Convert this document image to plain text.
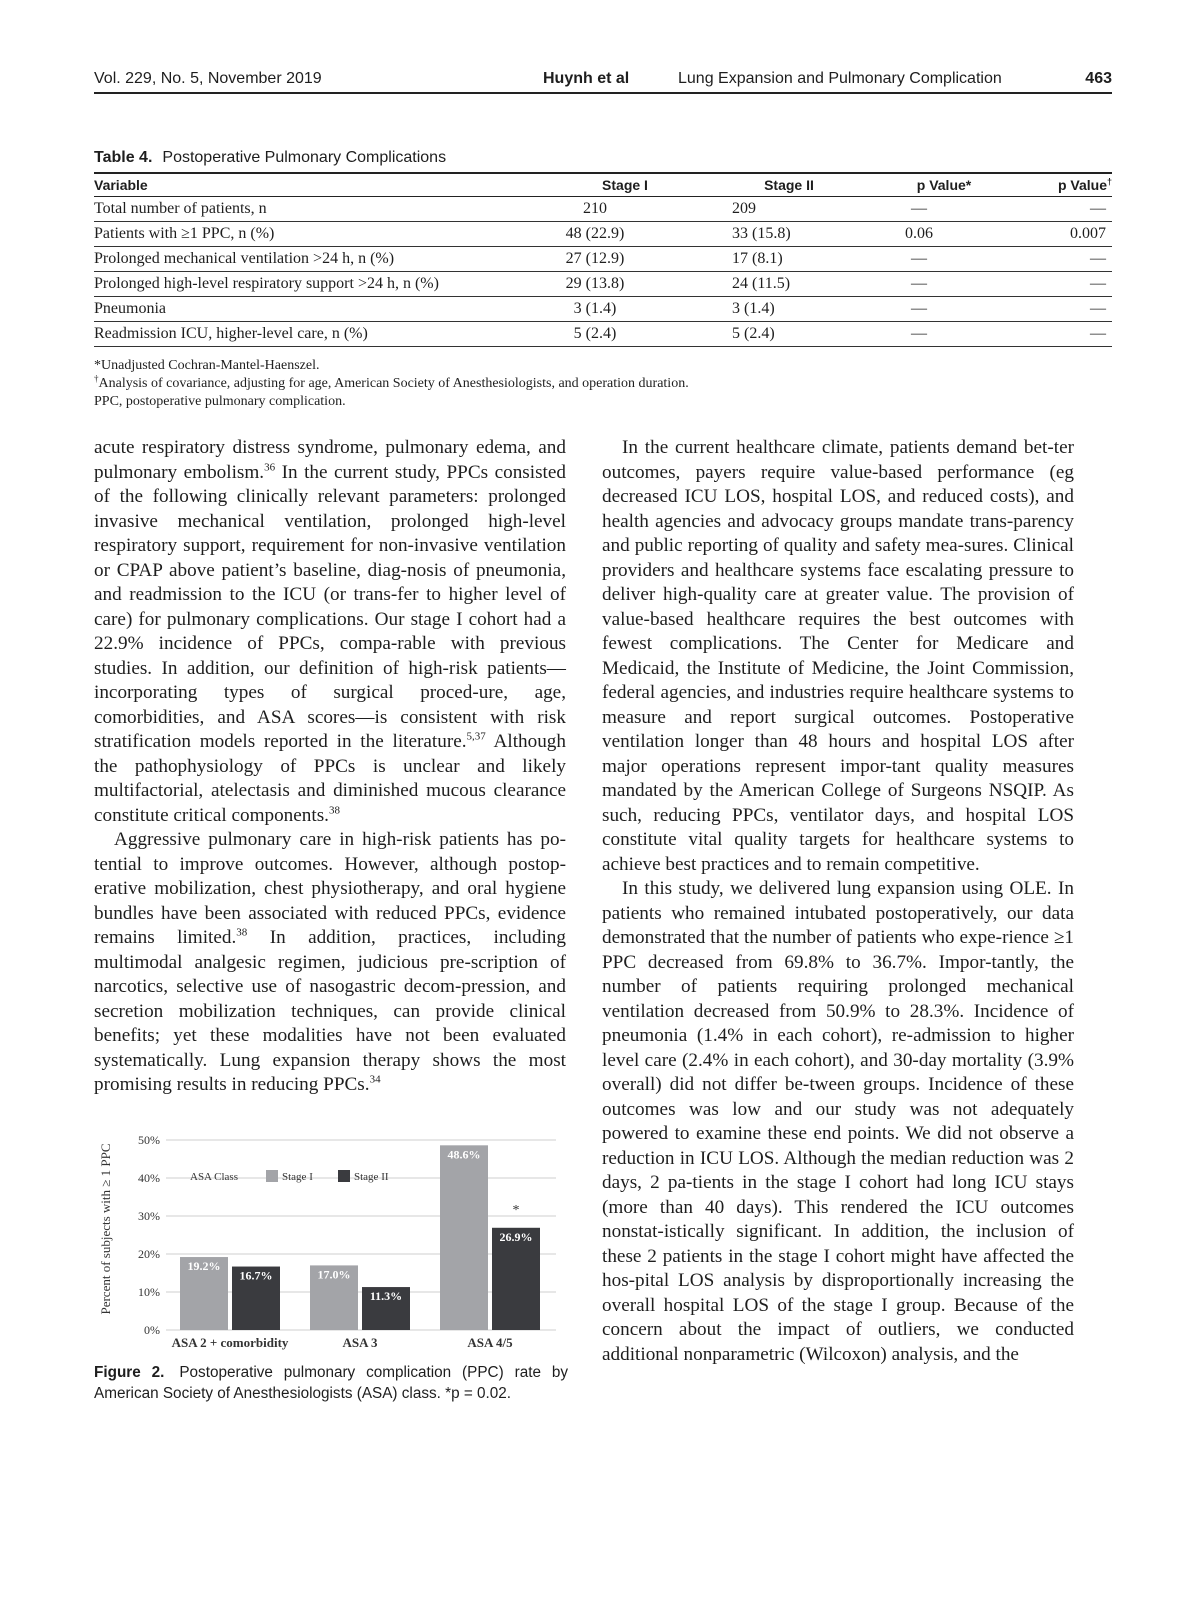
Vol. 229, No. 5, November 2019	Huynh et al	Lung Expansion and Pulmonary Complication	463
Table 4. Postoperative Pulmonary Complications
Variable	Stage I	Stage II	p Value*	p Value†
Total number of patients, n	210	209	—	—
Patients with ≥1 PPC, n (%)	48 (22.9)	33 (15.8)	0.06	0.007
Prolonged mechanical ventilation >24 h, n (%)	27 (12.9)	17 (8.1)	—	—
Prolonged high-level respiratory support >24 h, n (%)	29 (13.8)	24 (11.5)	—	—
Pneumonia	3 (1.4)	3 (1.4)	—	—
Readmission ICU, higher-level care, n (%)	5 (2.4)	5 (2.4)	—	—

*Unadjusted Cochran-Mantel-Haenszel.

†Analysis of covariance, adjusting for age, American Society of Anesthesiologists, and operation duration.

PPC, postoperative pulmonary complication.

acute respiratory distress syndrome, pulmonary edema, and pulmonary embolism.$^{36}$ In the current study, PPCs consisted of the following clinically relevant parameters: prolonged invasive mechanical ventilation, prolonged high-level respiratory support, requirement for non-invasive ventilation or CPAP above patient’s baseline, diag-nosis of pneumonia, and readmission to the ICU (or trans-fer to higher level of care) for pulmonary complications. Our stage I cohort had a 22.9% incidence of PPCs, compa-rable with previous studies. In addition, our definition of high-risk patients—incorporating types of surgical proced-ure, age, comorbidities, and ASA scores—is consistent with risk stratification models reported in the literature.$^{5,37}$ Although the pathophysiology of PPCs is unclear and likely multifactorial, atelectasis and diminished mucous clearance constitute critical components.$^{38}$

Aggressive pulmonary care in high-risk patients has po-tential to improve outcomes. However, although postop-erative mobilization, chest physiotherapy, and oral hygiene bundles have been associated with reduced PPCs, evidence remains limited.$^{38}$ In addition, practices, including multimodal analgesic regimen, judicious pre-scription of narcotics, selective use of nasogastric decom-pression, and secretion mobilization techniques, can provide clinical benefits; yet these modalities have not been evaluated systematically. Lung expansion therapy shows the most promising results in reducing PPCs.$^{34}$

In the current healthcare climate, patients demand bet-ter outcomes, payers require value-based performance (eg decreased ICU LOS, hospital LOS, and reduced costs), and health agencies and advocacy groups mandate trans-parency and public reporting of quality and safety mea-sures. Clinical providers and healthcare systems face escalating pressure to deliver high-quality care at greater value. The provision of value-based healthcare requires the best outcomes with fewest complications. The Center for Medicare and Medicaid, the Institute of Medicine, the Joint Commission, federal agencies, and industries require healthcare systems to measure and report surgical outcomes. Postoperative ventilation longer than 48 hours and hospital LOS after major operations represent impor-tant quality measures mandated by the American College of Surgeons NSQIP. As such, reducing PPCs, ventilator days, and hospital LOS constitute vital quality targets for healthcare systems to achieve best practices and to remain competitive.

In this study, we delivered lung expansion using OLE. In patients who remained intubated postoperatively, our data demonstrated that the number of patients who expe-rience ≥1 PPC decreased from 69.8% to 36.7%. Impor-tantly, the number of patients requiring prolonged mechanical ventilation decreased from 50.9% to 28.3%. Incidence of pneumonia (1.4% in each cohort), re-admission to higher level care (2.4% in each cohort), and 30-day mortality (3.9% overall) did not differ be-tween groups. Incidence of these outcomes was low and our study was not adequately powered to examine these end points. We did not observe a reduction in ICU LOS. Although the median reduction was 2 days, 2 pa-tients in the stage I cohort had long ICU stays (more than 40 days). This rendered the ICU outcomes nonstat-istically significant. In addition, the inclusion of these 2 patients in the stage I cohort might have affected the hos-pital LOS analysis by disproportionally increasing the overall hospital LOS of the stage I group. Because of the concern about the impact of outliers, we conducted additional nonparametric (Wilcoxon) analysis, and the

0%
10%
20%
30%
40%
50%
Percent of subjects with ≥ 1 PPC	19.2%
16.7%
ASA 2 + comorbidity
17.0%
11.3%
ASA 3
48.6%
26.9%
ASA 4/5
*
ASA Class	Stage I	Stage II
Figure 2. Postoperative pulmonary complication (PPC) rate by American Society of Anesthesiologists (ASA) class. *p = 0.02.
